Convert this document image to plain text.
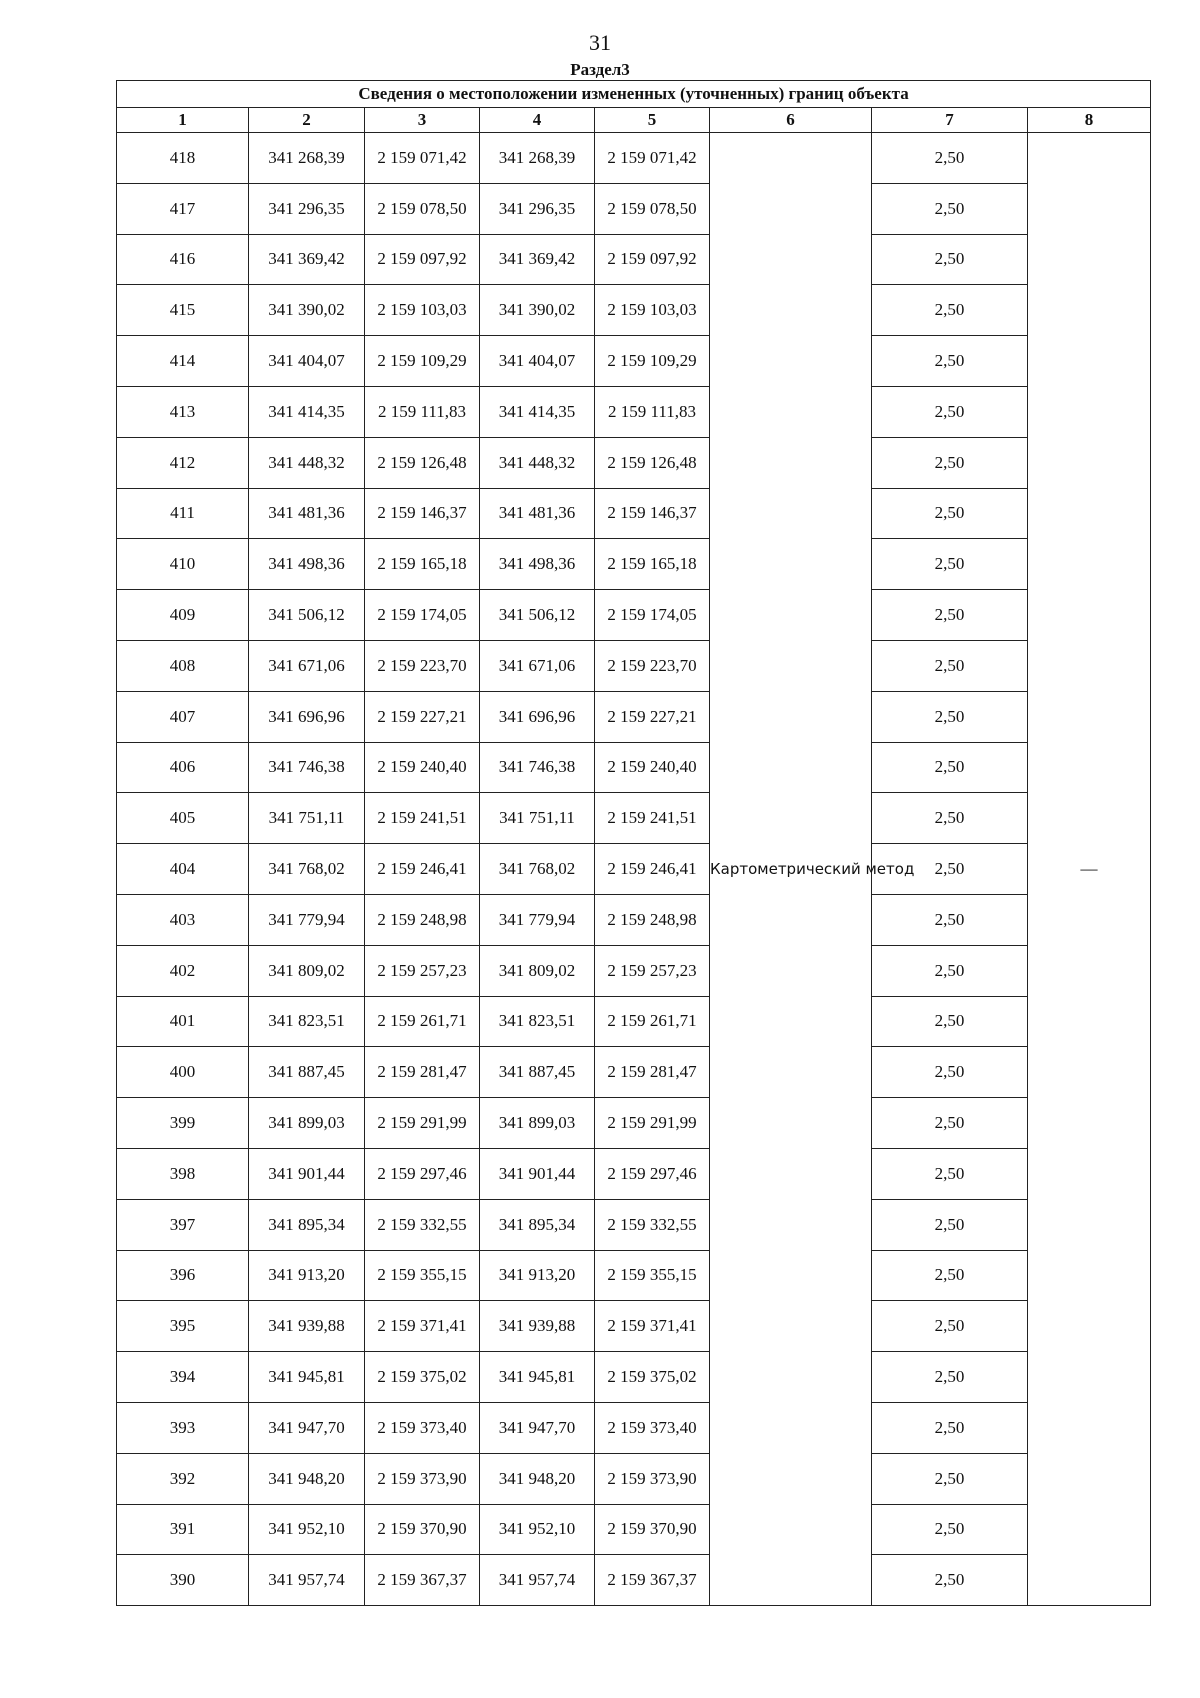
31
Раздел3
Сведения о местоположении измененных (уточненных) границ объекта							
1	2	3	4	5	6	7	8
418	341 268,39	2 159 071,42	341 268,39	2 159 071,42	Картометрический метод	2,50	—
417	341 296,35	2 159 078,50	341 296,35	2 159 078,50		2,50	
416	341 369,42	2 159 097,92	341 369,42	2 159 097,92		2,50	
415	341 390,02	2 159 103,03	341 390,02	2 159 103,03		2,50	
414	341 404,07	2 159 109,29	341 404,07	2 159 109,29		2,50	
413	341 414,35	2 159 111,83	341 414,35	2 159 111,83		2,50	
412	341 448,32	2 159 126,48	341 448,32	2 159 126,48		2,50	
411	341 481,36	2 159 146,37	341 481,36	2 159 146,37		2,50	
410	341 498,36	2 159 165,18	341 498,36	2 159 165,18		2,50	
409	341 506,12	2 159 174,05	341 506,12	2 159 174,05		2,50	
408	341 671,06	2 159 223,70	341 671,06	2 159 223,70		2,50	
407	341 696,96	2 159 227,21	341 696,96	2 159 227,21		2,50	
406	341 746,38	2 159 240,40	341 746,38	2 159 240,40		2,50	
405	341 751,11	2 159 241,51	341 751,11	2 159 241,51		2,50	
404	341 768,02	2 159 246,41	341 768,02	2 159 246,41		2,50	
403	341 779,94	2 159 248,98	341 779,94	2 159 248,98		2,50	
402	341 809,02	2 159 257,23	341 809,02	2 159 257,23		2,50	
401	341 823,51	2 159 261,71	341 823,51	2 159 261,71		2,50	
400	341 887,45	2 159 281,47	341 887,45	2 159 281,47		2,50	
399	341 899,03	2 159 291,99	341 899,03	2 159 291,99		2,50	
398	341 901,44	2 159 297,46	341 901,44	2 159 297,46		2,50	
397	341 895,34	2 159 332,55	341 895,34	2 159 332,55		2,50	
396	341 913,20	2 159 355,15	341 913,20	2 159 355,15		2,50	
395	341 939,88	2 159 371,41	341 939,88	2 159 371,41		2,50	
394	341 945,81	2 159 375,02	341 945,81	2 159 375,02		2,50	
393	341 947,70	2 159 373,40	341 947,70	2 159 373,40		2,50	
392	341 948,20	2 159 373,90	341 948,20	2 159 373,90		2,50	
391	341 952,10	2 159 370,90	341 952,10	2 159 370,90		2,50	
390	341 957,74	2 159 367,37	341 957,74	2 159 367,37		2,50	
